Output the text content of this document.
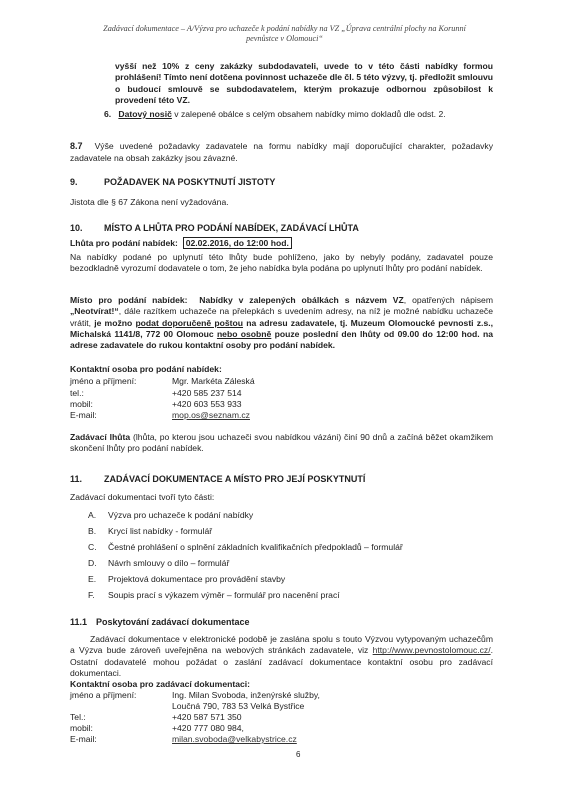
Zadávací dokumentace – A/Výzva pro uchazeče k podání nabídky na VZ „Úprava centrální plochy na Korunní
pevnůstce v Olomouci“
vyšší než 10% z ceny zakázky subdodavateli, uvede to v této části nabídky formou prohlášení! Tímto není dotčena povinnost uchazeče dle čl. 5 této výzvy, tj. předložit smlouvu o budoucí smlouvě se subdodavatelem, kterým prokazuje odbornou způsobilost k provedení této VZ.
6. Datový nosič v zalepené obálce s celým obsahem nabídky mimo dokladů dle odst. 2.
8.7 Výše uvedené požadavky zadavatele na formu nabídky mají doporučující charakter, požadavky zadavatele na obsah zakázky jsou závazné.
9.	POŽADAVEK NA POSKYTNUTÍ JISTOTY
Jistota dle § 67 Zákona není vyžadována.
10. MÍSTO A LHŮTA PRO PODÁNÍ NABÍDEK, ZADÁVACÍ LHŮTA
Lhůta pro podání nabídek: 02.02.2016, do 12:00 hod.
Na nabídky podané po uplynutí této lhůty bude pohlíženo, jako by nebyly podány, zadavatel pouze bezodkladně vyrozumí dodavatele o tom, že jeho nabídka byla podána po uplynutí lhůty pro podání nabídek.
Místo pro podání nabídek: Nabídky v zalepených obálkách s názvem VZ, opatřených nápisem „Neotvírat!“, dále razítkem uchazeče na přelepkách s uvedením adresy, na níž je možné nabídku uchazeče vrátit, je možno podat doporučeně poštou na adresu zadavatele, tj. Muzeum Olomoucké pevnosti z.s., Michalská 1141/8, 772 00 Olomouc nebo osobně pouze poslední den lhůty od 09.00 do 12:00 hod. na adrese zadavatele do rukou kontaktní osoby pro podání nabídek.
Kontaktní osoba pro podání nabídek:
jméno a příjmení:	Mgr. Markéta Záleská
tel.:	+420 585 237 514
mobil:	+420 603 553 933
E-mail:	mop.os@seznam.cz
Zadávací lhůta (lhůta, po kterou jsou uchazeči svou nabídkou vázáni) činí 90 dnů a začíná běžet okamžikem skončení lhůty pro podání nabídek.
11. ZADÁVACÍ DOKUMENTACE A MÍSTO PRO JEJÍ POSKYTNUTÍ
Zadávací dokumentaci tvoří tyto části:
A. Výzva pro uchazeče k podání nabídky
B. Krycí list nabídky - formulář
C. Čestné prohlášení o splnění základních kvalifikačních předpokladů – formulář
D. Návrh smlouvy o dílo – formulář
E. Projektová dokumentace pro provádění stavby
F. Soupis prací s výkazem výměr – formulář pro nacenění prací
11.1 Poskytování zadávací dokumentace
Zadávací dokumentace v elektronické podobě je zaslána spolu s touto Výzvou vytypovaným uchazečům a Výzva bude zároveň uveřejněna na webových stránkách zadavatele, viz http://www.pevnostolomouc.cz/. Ostatní dodavatelé mohou požádat o zaslání zadávací dokumentace kontaktní osobu pro zadávací dokumentaci.
Kontaktní osoba pro zadávací dokumentaci:
jméno a příjmení:	Ing. Milan Svoboda, inženýrské služby,
Loučná 790, 783 53 Velká Bystřice
Tel.:	+420 587 571 350
mobil:	+420 777 080 984,
E-mail:	milan.svoboda@velkabystrice.cz
6
